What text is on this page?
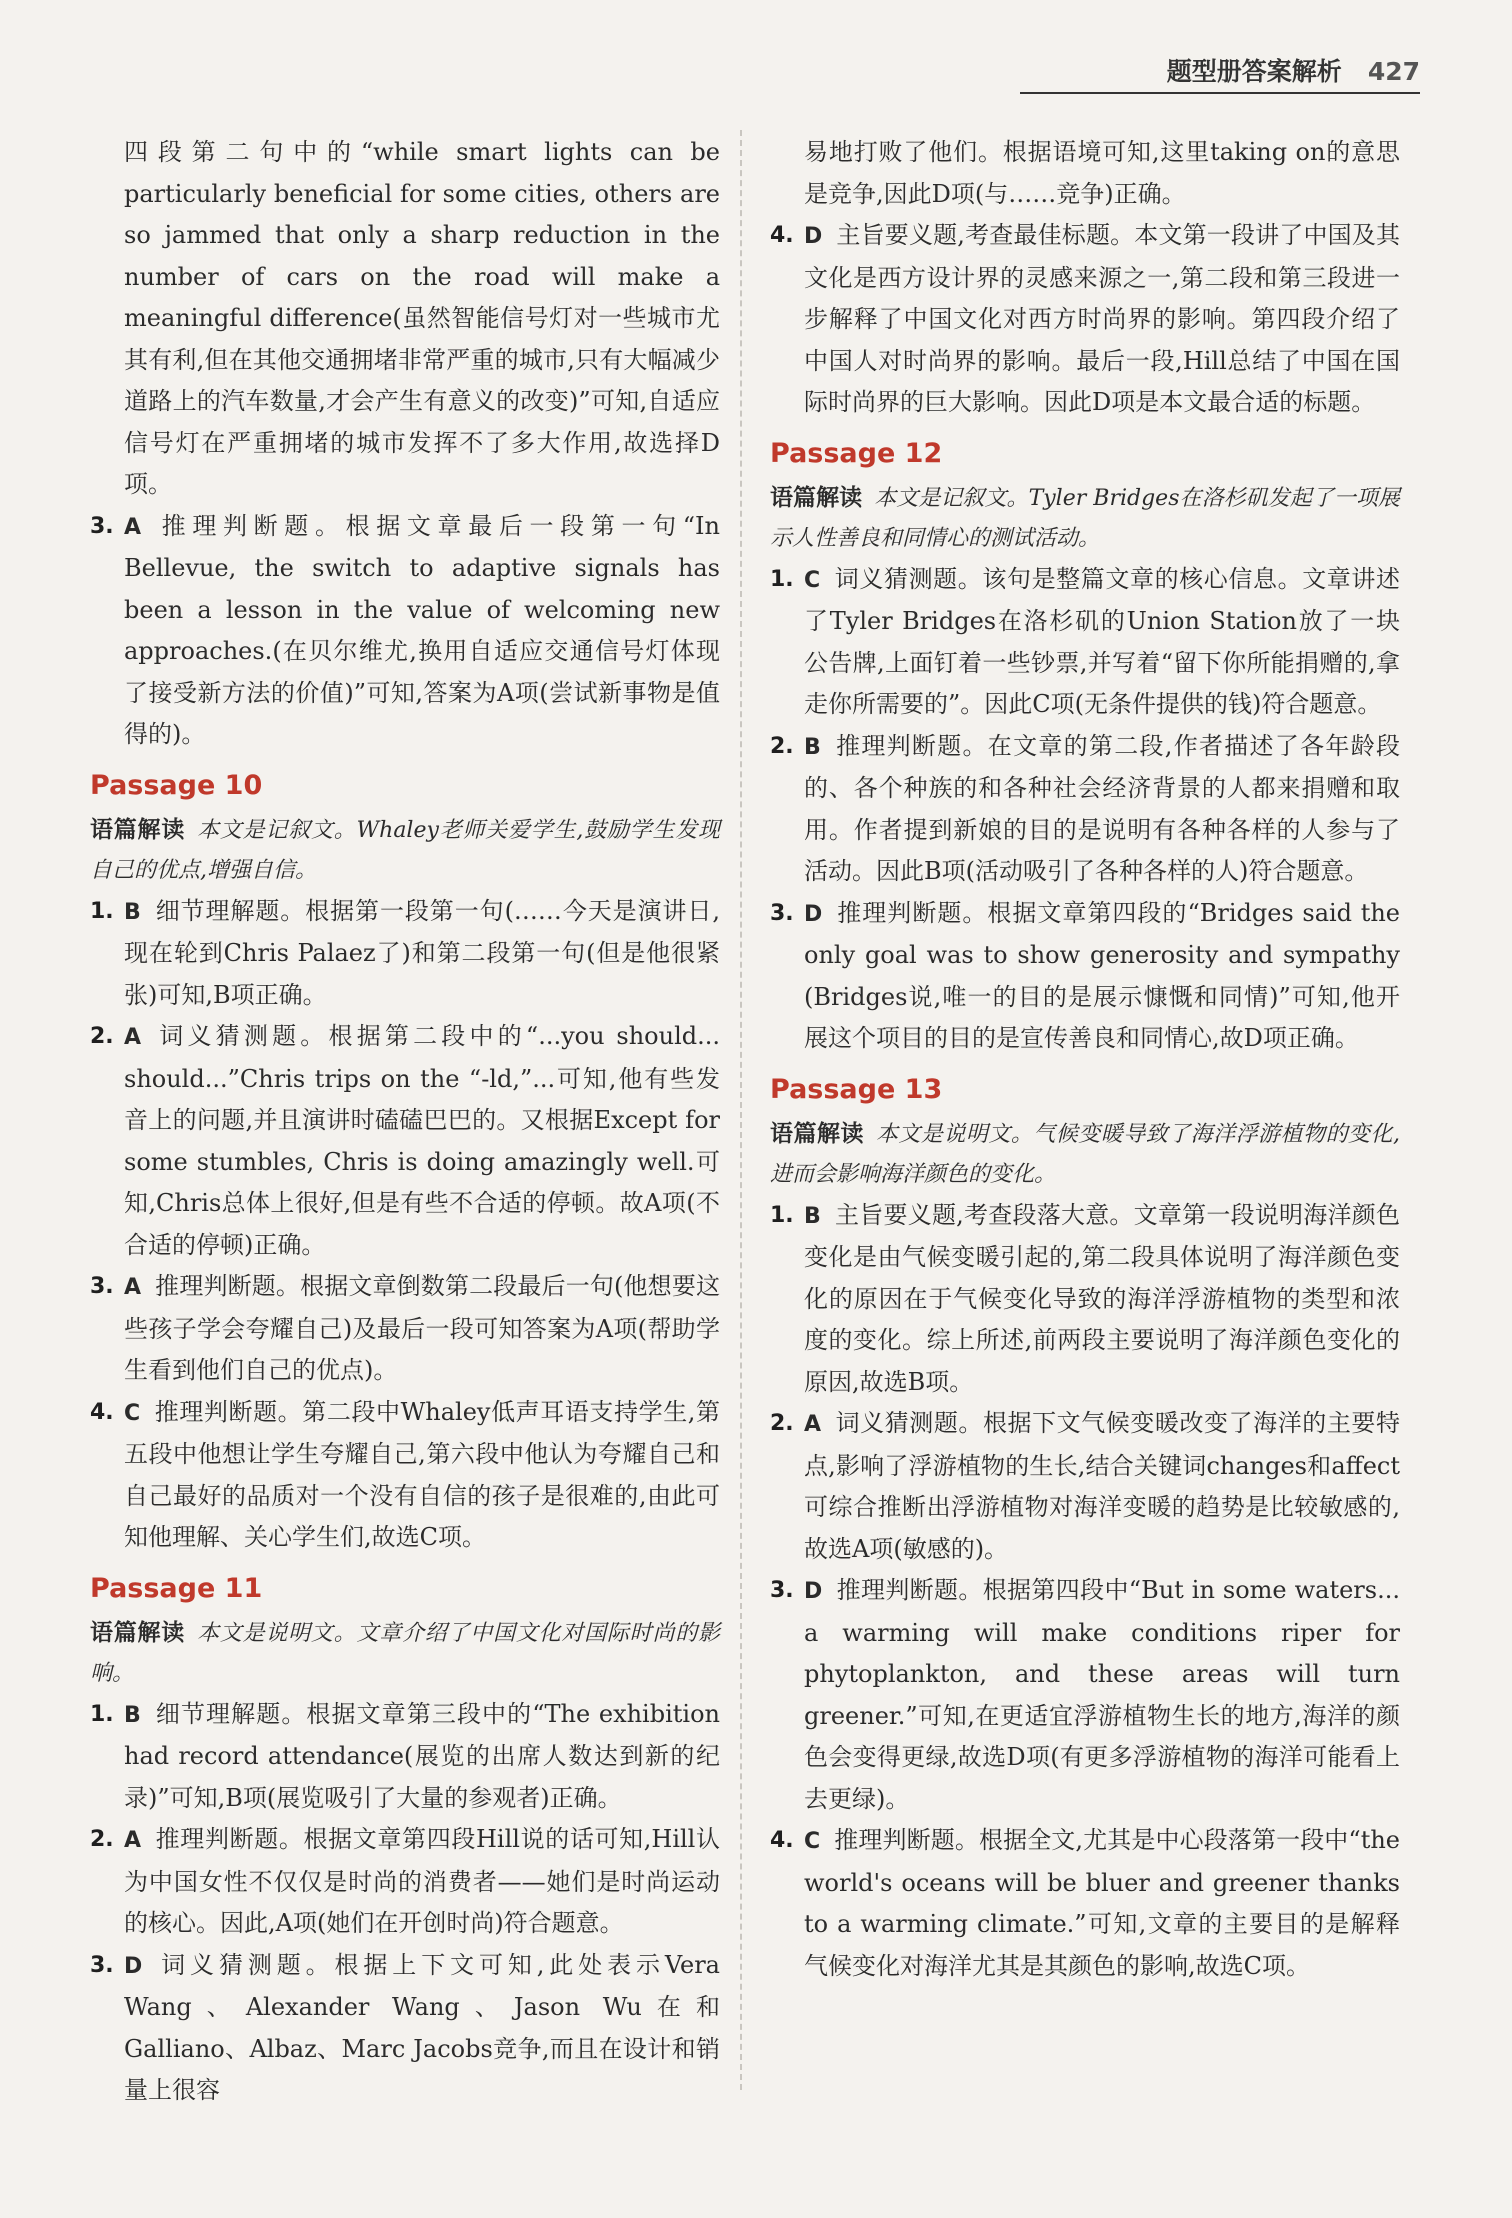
题型册答案解析 427

四段第二句中的“while smart lights can be particularly beneficial for some cities, others are so jammed that only a sharp reduction in the number of cars on the road will make a meaningful difference(虽然智能信号灯对一些城市尤其有利,但在其他交通拥堵非常严重的城市,只有大幅减少道路上的汽车数量,才会产生有意义的改变)”可知,自适应信号灯在严重拥堵的城市发挥不了多大作用,故选择D项。

3. A 推理判断题。根据文章最后一段第一句“In Bellevue, the switch to adaptive signals has been a lesson in the value of welcoming new approaches.(在贝尔维尤,换用自适应交通信号灯体现了接受新方法的价值)”可知,答案为A项(尝试新事物是值得的)。
Passage 10

语篇解读 本文是记叙文。Whaley老师关爱学生,鼓励学生发现自己的优点,增强自信。

1. B 细节理解题。根据第一段第一句(……今天是演讲日,现在轮到Chris Palaez了)和第二段第一句(但是他很紧张)可知,B项正确。
2. A 词义猜测题。根据第二段中的“...you should... should...”Chris trips on the “-ld,”...可知,他有些发音上的问题,并且演讲时磕磕巴巴的。又根据Except for some stumbles, Chris is doing amazingly well.可知,Chris总体上很好,但是有些不合适的停顿。故A项(不合适的停顿)正确。
3. A 推理判断题。根据文章倒数第二段最后一句(他想要这些孩子学会夸耀自己)及最后一段可知答案为A项(帮助学生看到他们自己的优点)。
4. C 推理判断题。第二段中Whaley低声耳语支持学生,第五段中他想让学生夸耀自己,第六段中他认为夸耀自己和自己最好的品质对一个没有自信的孩子是很难的,由此可知他理解、关心学生们,故选C项。
Passage 11

语篇解读 本文是说明文。文章介绍了中国文化对国际时尚的影响。

1. B 细节理解题。根据文章第三段中的“The exhibition had record attendance(展览的出席人数达到新的纪录)”可知,B项(展览吸引了大量的参观者)正确。
2. A 推理判断题。根据文章第四段Hill说的话可知,Hill认为中国女性不仅仅是时尚的消费者——她们是时尚运动的核心。因此,A项(她们在开创时尚)符合题意。
3. D 词义猜测题。根据上下文可知,此处表示Vera Wang、Alexander Wang、Jason Wu在和Galliano、Albaz、Marc Jacobs竞争,而且在设计和销量上很容

易地打败了他们。根据语境可知,这里taking on的意思是竞争,因此D项(与……竞争)正确。

4. D 主旨要义题,考查最佳标题。本文第一段讲了中国及其文化是西方设计界的灵感来源之一,第二段和第三段进一步解释了中国文化对西方时尚界的影响。第四段介绍了中国人对时尚界的影响。最后一段,Hill总结了中国在国际时尚界的巨大影响。因此D项是本文最合适的标题。
Passage 12

语篇解读 本文是记叙文。Tyler Bridges在洛杉矶发起了一项展示人性善良和同情心的测试活动。

1. C 词义猜测题。该句是整篇文章的核心信息。文章讲述了Tyler Bridges在洛杉矶的Union Station放了一块公告牌,上面钉着一些钞票,并写着“留下你所能捐赠的,拿走你所需要的”。因此C项(无条件提供的钱)符合题意。
2. B 推理判断题。在文章的第二段,作者描述了各年龄段的、各个种族的和各种社会经济背景的人都来捐赠和取用。作者提到新娘的目的是说明有各种各样的人参与了活动。因此B项(活动吸引了各种各样的人)符合题意。
3. D 推理判断题。根据文章第四段的“Bridges said the only goal was to show generosity and sympathy (Bridges说,唯一的目的是展示慷慨和同情)”可知,他开展这个项目的目的是宣传善良和同情心,故D项正确。
Passage 13

语篇解读 本文是说明文。气候变暖导致了海洋浮游植物的变化,进而会影响海洋颜色的变化。

1. B 主旨要义题,考查段落大意。文章第一段说明海洋颜色变化是由气候变暖引起的,第二段具体说明了海洋颜色变化的原因在于气候变化导致的海洋浮游植物的类型和浓度的变化。综上所述,前两段主要说明了海洋颜色变化的原因,故选B项。
2. A 词义猜测题。根据下文气候变暖改变了海洋的主要特点,影响了浮游植物的生长,结合关键词changes和affect可综合推断出浮游植物对海洋变暖的趋势是比较敏感的,故选A项(敏感的)。
3. D 推理判断题。根据第四段中“But in some waters... a warming will make conditions riper for phytoplankton, and these areas will turn greener.”可知,在更适宜浮游植物生长的地方,海洋的颜色会变得更绿,故选D项(有更多浮游植物的海洋可能看上去更绿)。
4. C 推理判断题。根据全文,尤其是中心段落第一段中“the world's oceans will be bluer and greener thanks to a warming climate.”可知,文章的主要目的是解释气候变化对海洋尤其是其颜色的影响,故选C项。
